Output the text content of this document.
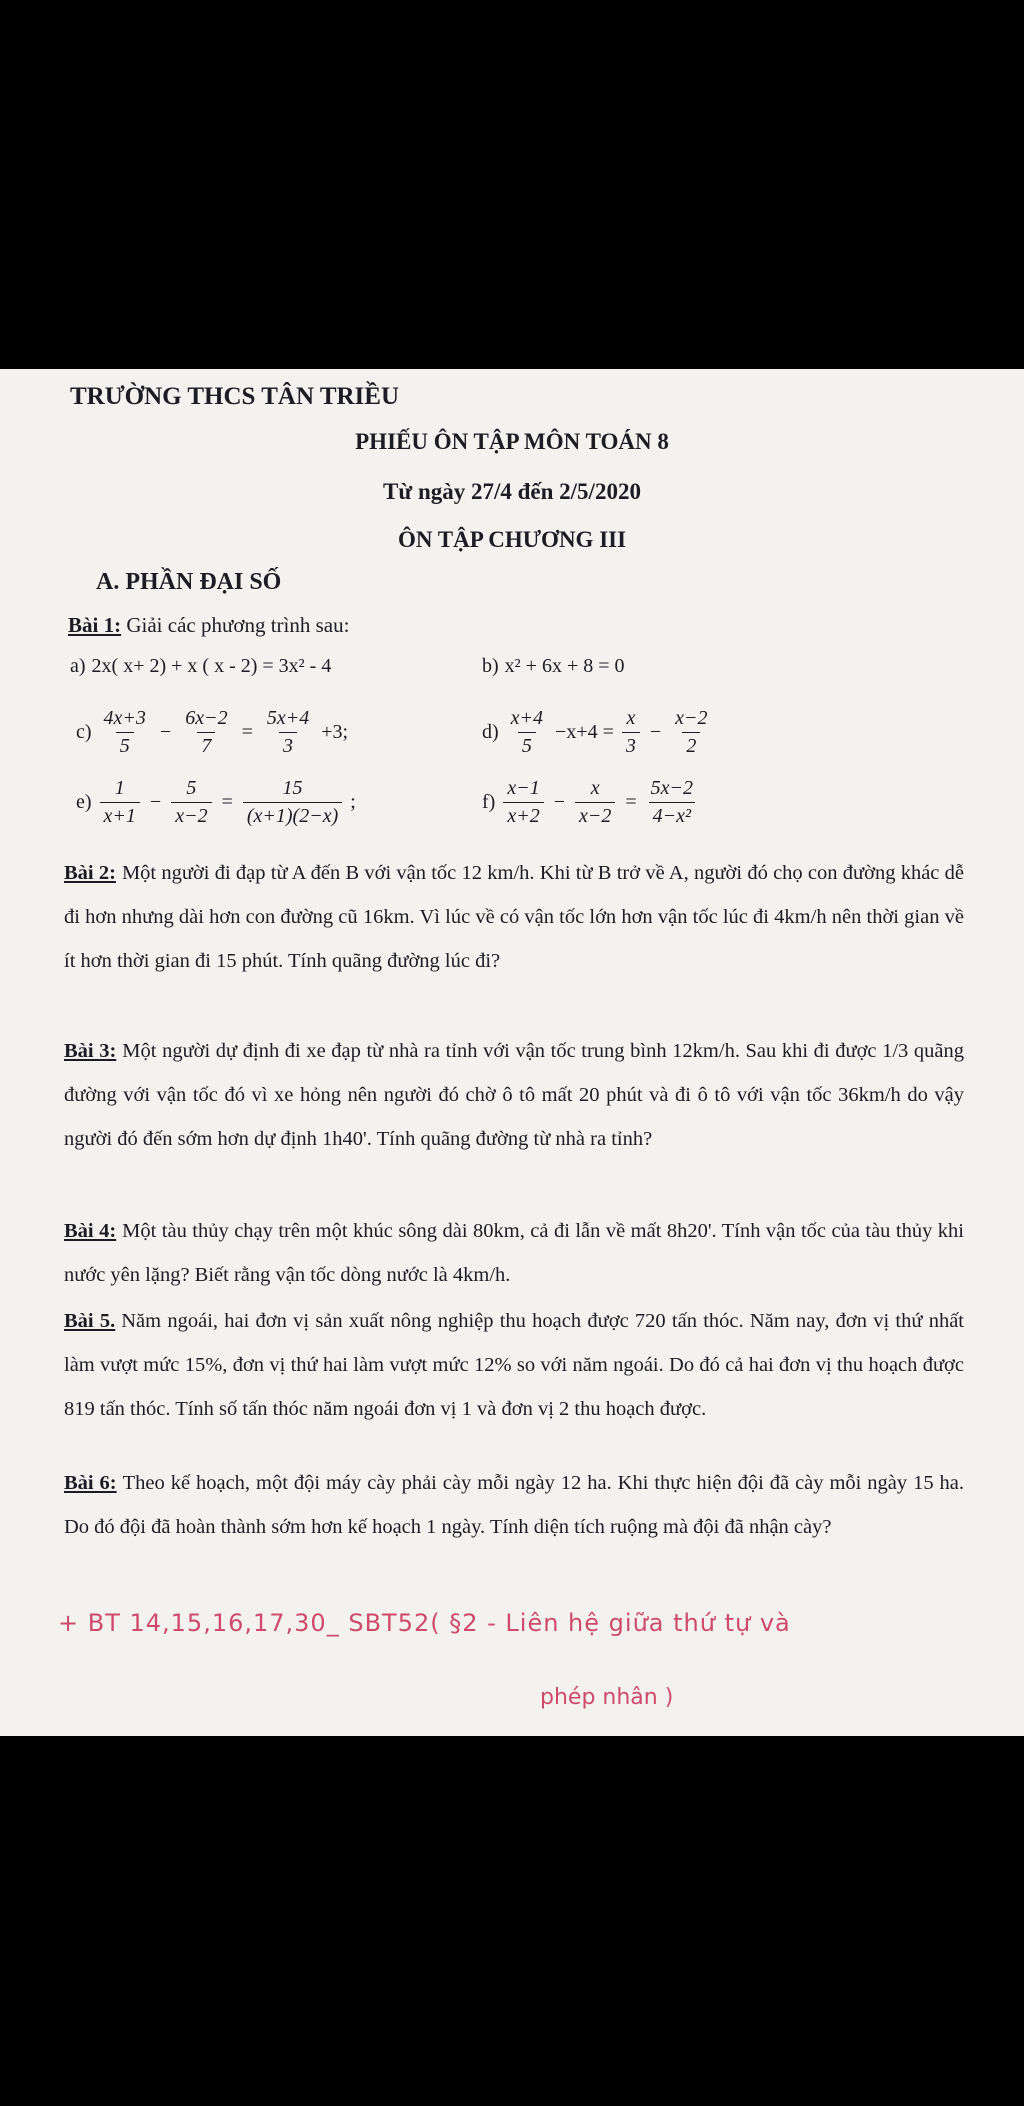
TRƯỜNG THCS TÂN TRIỀU
PHIẾU ÔN TẬP MÔN TOÁN 8
Từ ngày 27/4 đến 2/5/2020
ÔN TẬP CHƯƠNG III
A. PHẦN ĐẠI SỐ
Bài 1: Giải các phương trình sau:
a) 2x( x+ 2) + x ( x - 2) = 3x² - 4	b) x² + 6x + 8 = 0
$c) \frac{4x+3}{5} - \frac{6x-2}{7} = \frac{5x+4}{3} +3$;	$d) \frac{x+4}{5} -x+4 = \frac{x}{3} - \frac{x-2}{2}$
$e) \frac{1}{x+1} - \frac{5}{x-2} = \frac{15}{(x+1)(2-x)}$ ;	$f) \frac{x-1}{x+2} - \frac{x}{x-2} = \frac{5x-2}{\text{4−x²}}$
Bài 2: Một người đi đạp từ A đến B với vận tốc 12 km/h. Khi từ B trở về A, người đó chọ con đường khác dễ đi hơn nhưng dài hơn con đường cũ 16km. Vì lúc về có vận tốc lớn hơn vận tốc lúc đi 4km/h nên thời gian về ít hơn thời gian đi 15 phút. Tính quãng đường lúc đi?
Bài 3: Một người dự định đi xe đạp từ nhà ra tỉnh với vận tốc trung bình 12km/h. Sau khi đi được 1/3 quãng đường với vận tốc đó vì xe hỏng nên người đó chờ ô tô mất 20 phút và đi ô tô với vận tốc 36km/h do vậy người đó đến sớm hơn dự định 1h40'. Tính quãng đường từ nhà ra tỉnh?
Bài 4: Một tàu thủy chạy trên một khúc sông dài 80km, cả đi lẫn về mất 8h20'. Tính vận tốc của tàu thủy khi nước yên lặng? Biết rằng vận tốc dòng nước là 4km/h.
Bài 5. Năm ngoái, hai đơn vị sản xuất nông nghiệp thu hoạch được 720 tấn thóc. Năm nay, đơn vị thứ nhất làm vượt mức 15%, đơn vị thứ hai làm vượt mức 12% so với năm ngoái. Do đó cả hai đơn vị thu hoạch được 819 tấn thóc. Tính số tấn thóc năm ngoái đơn vị 1 và đơn vị 2 thu hoạch được.
Bài 6: Theo kế hoạch, một đội máy cày phải cày mỗi ngày 12 ha. Khi thực hiện đội đã cày mỗi ngày 15 ha. Do đó đội đã hoàn thành sớm hơn kế hoạch 1 ngày. Tính diện tích ruộng mà đội đã nhận cày?
+ BT 14,15,16,17,30_ SBT52( §2 - Liên hệ giữa thứ tự và
phép nhân )
